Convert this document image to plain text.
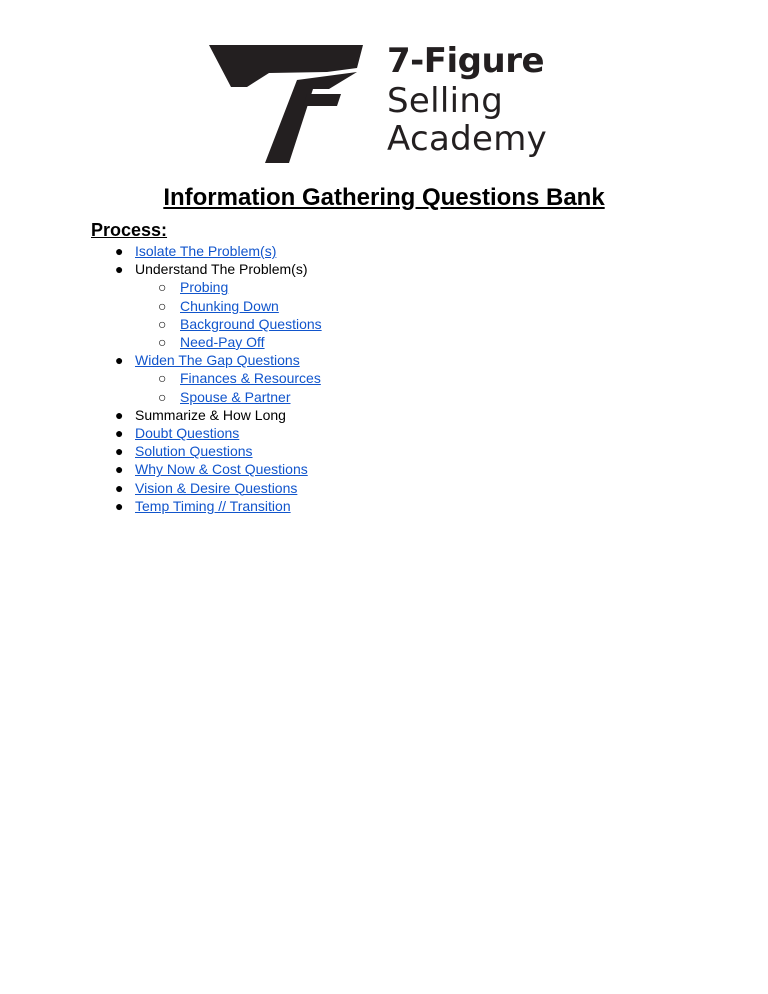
7-Figure
Selling
Academy
Information Gathering Questions Bank
Process:
● Isolate The Problem(s)
● Understand The Problem(s)
○ Probing
○ Chunking Down
○ Background Questions
○ Need-Pay Off
● Widen The Gap Questions
○ Finances & Resources
○ Spouse & Partner
● Summarize & How Long
● Doubt Questions
● Solution Questions
● Why Now & Cost Questions
● Vision & Desire Questions
● Temp Timing // Transition
